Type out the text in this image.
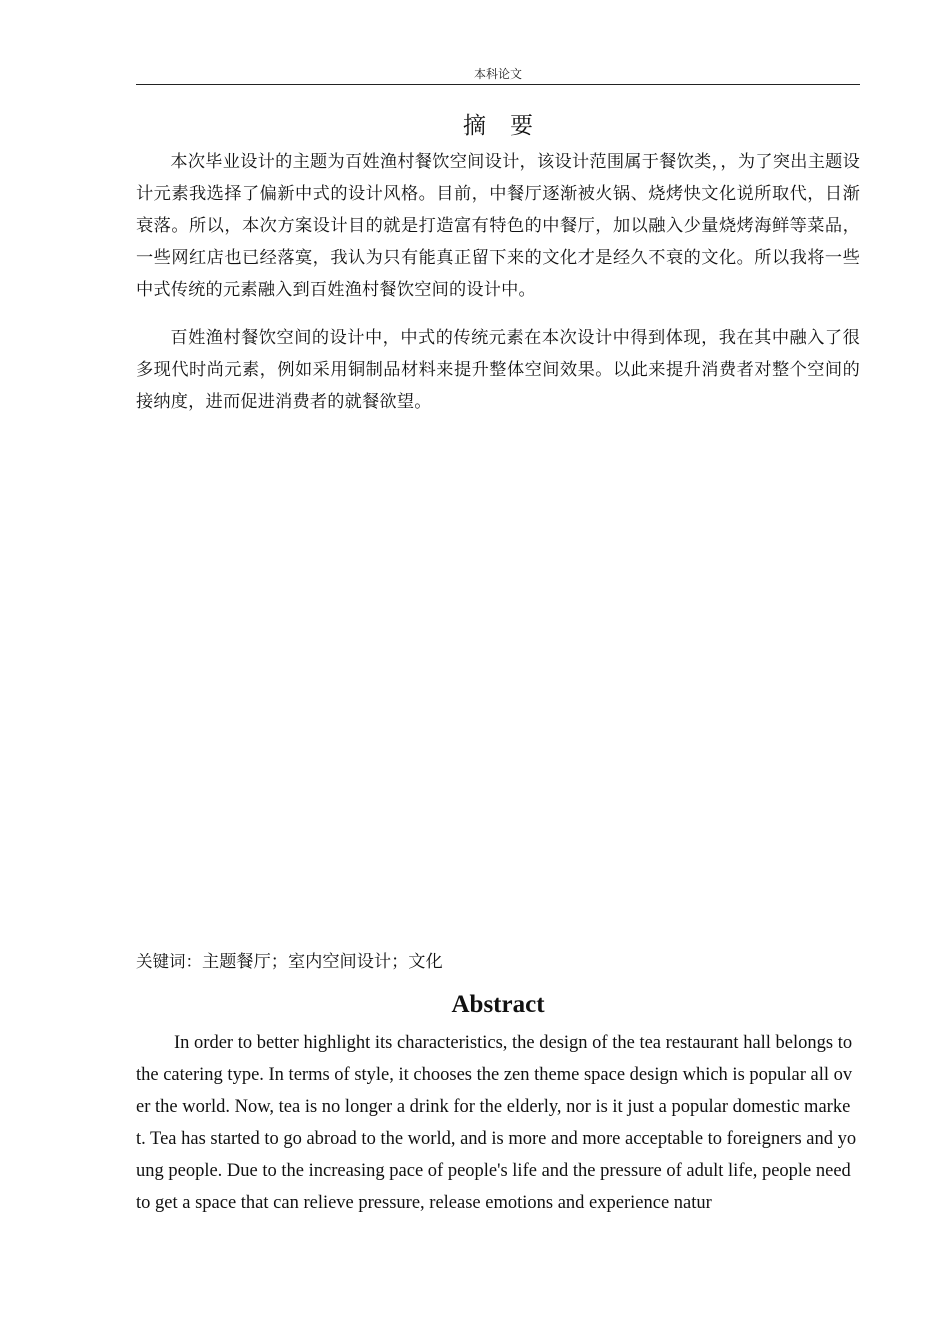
本科论文
摘 要

本次毕业设计的主题为百姓渔村餐饮空间设计，该设计范围属于餐饮类，，为了突出主题设计元素我选择了偏新中式的设计风格。目前，中餐厅逐渐被火锅、烧烤快文化说所取代，日渐衰落。所以，本次方案设计目的就是打造富有特色的中餐厅，加以融入少量烧烤海鲜等菜品，一些网红店也已经落寞，我认为只有能真正留下来的文化才是经久不衰的文化。所以我将一些中式传统的元素融入到百姓渔村餐饮空间的设计中。

百姓渔村餐饮空间的设计中，中式的传统元素在本次设计中得到体现，我在其中融入了很多现代时尚元素，例如采用铜制品材料来提升整体空间效果。以此来提升消费者对整个空间的接纳度，进而促进消费者的就餐欲望。

关键词：主题餐厅；室内空间设计；文化
Abstract

In order to better highlight its characteristics, the design of the tea restaurant hall belongs to the catering type. In terms of style, it chooses the zen theme space design which is popular all over the world. Now, tea is no longer a drink for the elderly, nor is it just a popular domestic market. Tea has started to go abroad to the world, and is more and more acceptable to foreigners and young people. Due to the increasing pace of people's life and the pressure of adult life, people need to get a space that can relieve pressure, release emotions and experience natur
